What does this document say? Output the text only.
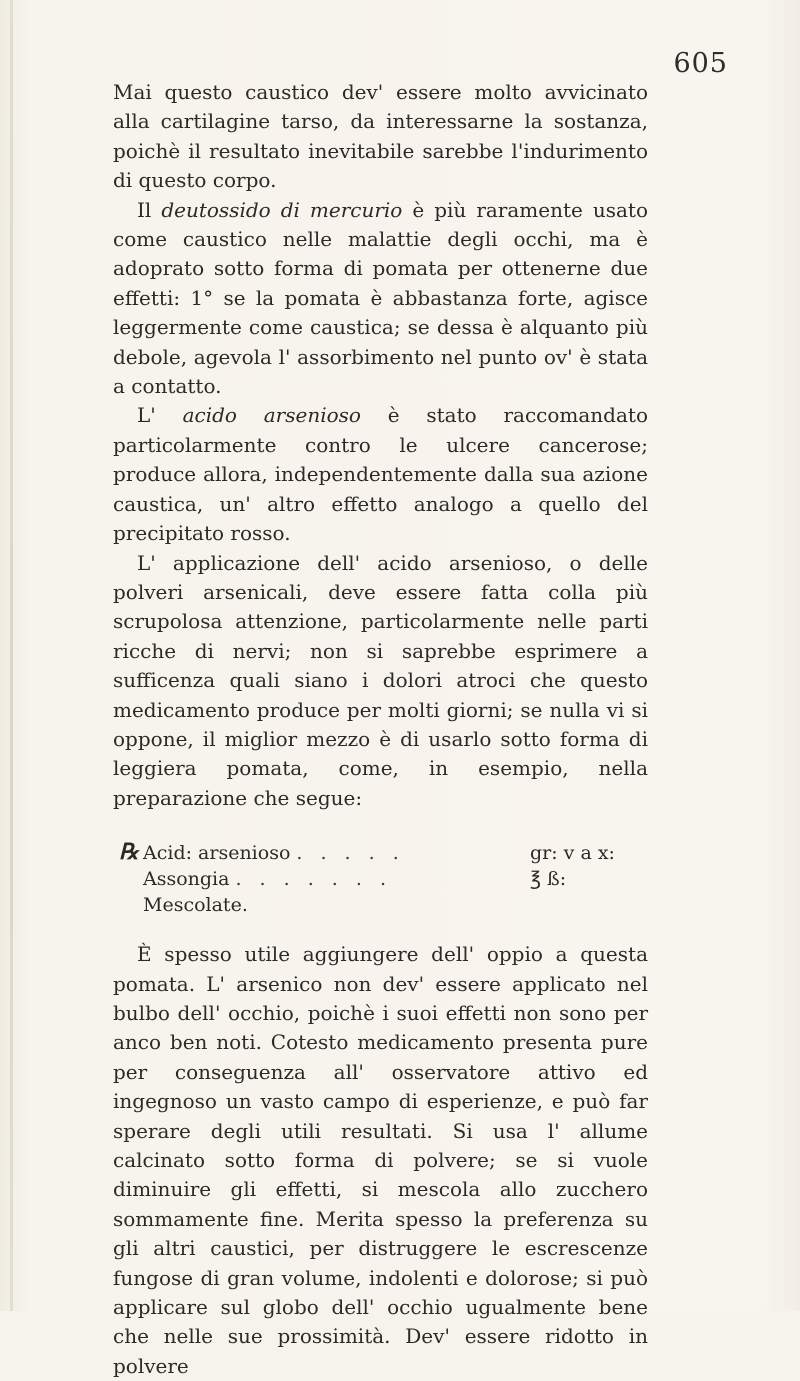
605

Mai questo caustico dev' essere molto avvicinato alla cartilagine tarso, da interessarne la sostanza, poichè il resultato inevitabile sarebbe l'indurimento di questo corpo.

Il deutossido di mercurio è più raramente usato come caustico nelle malattie degli occhi, ma è adoprato sotto forma di pomata per ottenerne due effetti: 1° se la pomata è abbastanza forte, agisce leggermente come caustica; se dessa è alquanto più debole, agevola l' assorbimento nel punto ov' è stata a contatto.

L' acido arsenioso è stato raccomandato particolarmente contro le ulcere cancerose; produce allora, independentemente dalla sua azione caustica, un' altro effetto analogo a quello del precipitato rosso.

L' applicazione dell' acido arsenioso, o delle polveri arsenicali, deve essere fatta colla più scrupolosa attenzione, particolarmente nelle parti ricche di nervi; non si saprebbe esprimere a sufficenza quali siano i dolori atroci che questo medicamento produce per molti giorni; se nulla vi si oppone, il miglior mezzo è di usarlo sotto forma di leggiera pomata, come, in esempio, nella preparazione che segue:

℞ Acid: arsenioso . . . . .	gr: v a x:
Assongia . . . . . . .	℥ ß:
Mescolate.

È spesso utile aggiungere dell' oppio a questa pomata. L' arsenico non dev' essere applicato nel bulbo dell' occhio, poichè i suoi effetti non sono per anco ben noti. Cotesto medicamento presenta pure per conseguenza all' osservatore attivo ed ingegnoso un vasto campo di esperienze, e può far sperare degli utili resultati. Si usa l' allume calcinato sotto forma di polvere; se si vuole diminuire gli effetti, si mescola allo zucchero sommamente fine. Merita spesso la preferenza su gli altri caustici, per distruggere le escrescenze fungose di gran volume, indolenti e dolorose; si può applicare sul globo dell' occhio ugualmente bene che nelle sue prossimità. Dev' essere ridotto in polvere
